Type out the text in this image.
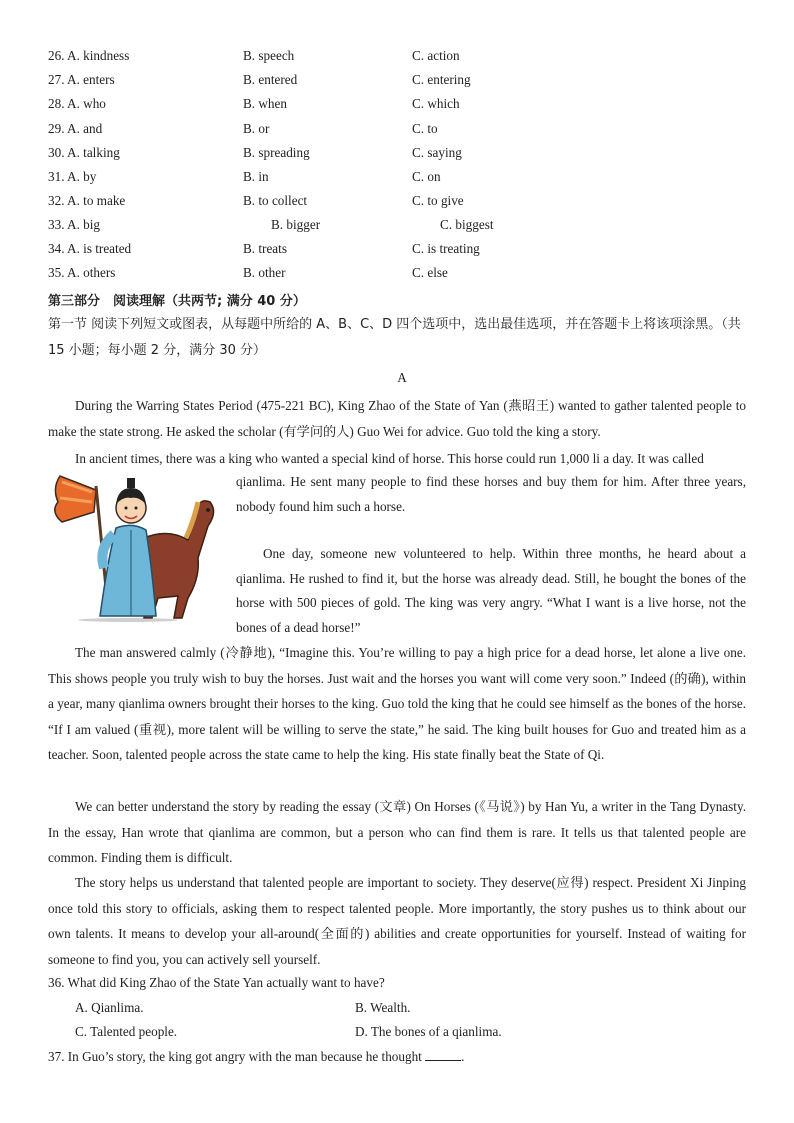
26. A. kindness	B. speech	C. action
27. A. enters	B. entered	C. entering
28. A. who	B. when	C. which
29. A. and	B. or	C. to
30. A. talking	B. spreading	C. saying
31. A. by	B. in	C. on
32. A. to make	B. to collect	C. to give
33. A. big	B. bigger	C. biggest
34. A. is treated	B. treats	C. is treating
35. A. others	B. other	C. else
第三部分　阅读理解（共两节; 满分 40 分）
第一节 阅读下列短文或图表，从每题中所给的 A、B、C、D 四个选项中，选出最佳选项，并在答题卡上将该项涂黑。（共 15 小题；每小题 2 分，满分 30 分）
A
During the Warring States Period (475-221 BC), King Zhao of the State of Yan (燕昭王) wanted to gather talented people to make the state strong. He asked the scholar (有学问的人) Guo Wei for advice. Guo told the king a story.
In ancient times, there was a king who wanted a special kind of horse. This horse could run 1,000 li a day. It was called
qianlima. He sent many people to find these horses and buy them for him. After three years, nobody found him such a horse.
One day, someone new volunteered to help. Within three months, he heard about a qianlima. He rushed to find it, but the horse was already dead. Still, he bought the bones of the horse with 500 pieces of gold. The king was very angry. “What I want is a live horse, not the bones of a dead horse!”
The man answered calmly (冷静地), “Imagine this. You’re willing to pay a high price for a dead horse, let alone a live one. This shows people you truly wish to buy the horses. Just wait and the horses you want will come very soon.” Indeed (的确), within a year, many qianlima owners brought their horses to the king. Guo told the king that he could see himself as the bones of the horse. “If I am valued (重视), more talent will be willing to serve the state,” he said. The king built houses for Guo and treated him as a teacher. Soon, talented people across the state came to help the king. His state finally beat the State of Qi.
We can better understand the story by reading the essay (文章) On Horses (《马说》) by Han Yu, a writer in the Tang Dynasty. In the essay, Han wrote that qianlima are common, but a person who can find them is rare. It tells us that talented people are common. Finding them is difficult.
The story helps us understand that talented people are important to society. They deserve(应得) respect. President Xi Jinping once told this story to officials, asking them to respect talented people. More importantly, the story pushes us to think about our own talents. It means to develop your all-around(全面的) abilities and create opportunities for yourself. Instead of waiting for someone to find you, you can actively sell yourself.
36. What did King Zhao of the State Yan actually want to have?
A. Qianlima.	B. Wealth.
C. Talented people.	D. The bones of a qianlima.
37. In Guo’s story, the king got angry with the man because he thought	.
